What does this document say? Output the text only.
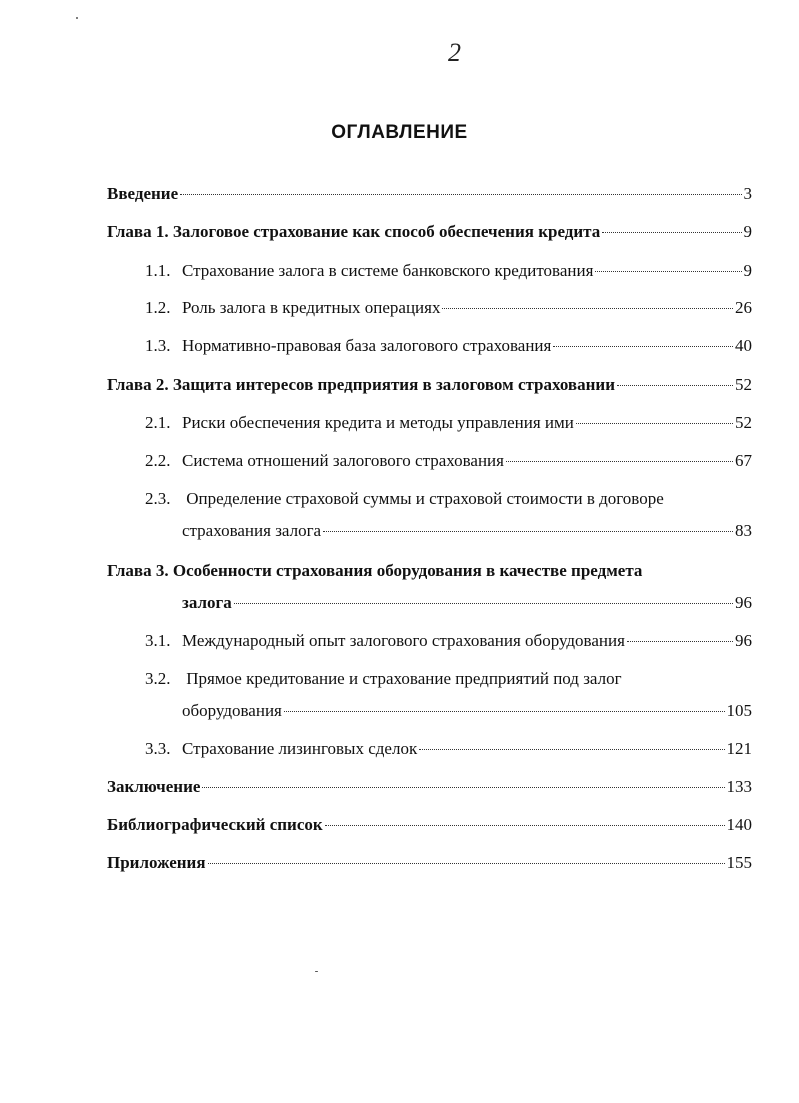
2
ОГЛАВЛЕНИЕ
Введение	3
Глава 1. Залоговое страхование как способ обеспечения кредита	9
1.1. Страхование залога в системе банковского кредитования	9
1.2. Роль залога в кредитных операциях	26
1.3. Нормативно-правовая база залогового страхования	40
Глава 2. Защита интересов предприятия в залоговом страховании	52
2.1. Риски обеспечения кредита и методы управления ими	52
2.2. Система отношений залогового страхования	67
2.3. Определение страховой суммы и страховой стоимости в договоре
страхования залога	83
Глава 3. Особенности страхования оборудования в качестве предмета
залога	96
3.1. Международный опыт залогового страхования оборудования	96
3.2. Прямое кредитование и страхование предприятий под залог
оборудования	105
3.3. Страхование лизинговых сделок	121
Заключение	133
Библиографический список	140
Приложения	155
